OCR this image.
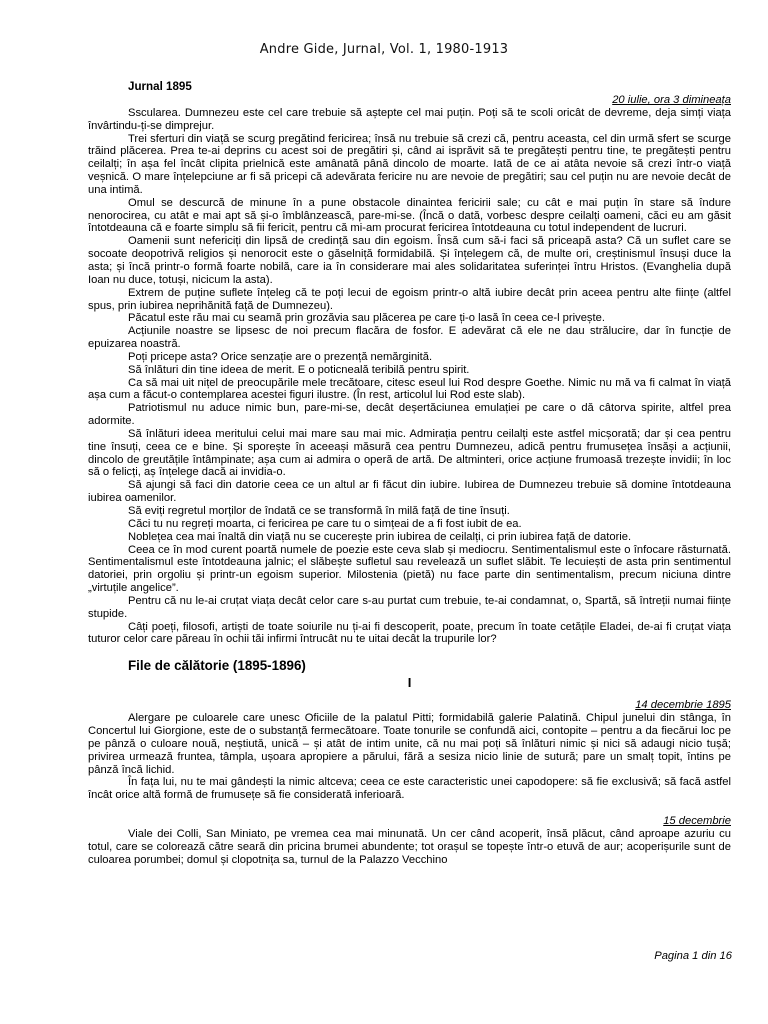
Andre Gide, Jurnal, Vol. 1, 1980-1913
Jurnal 1895
20 iulie, ora 3 dimineața

Sscularea. Dumnezeu este cel care trebuie să aștepte cel mai puțin. Poți să te scoli oricât de devreme, deja simți viața învârtindu-ți-se dimprejur.

Trei sferturi din viață se scurg pregătind fericirea; însă nu trebuie să crezi că, pentru aceasta, cel din urmă sfert se scurge trăind plăcerea. Prea te-ai deprins cu acest soi de pregătiri și, când ai isprăvit să te pregătești pentru tine, te pregătești pentru ceilalți; în așa fel încât clipita prielnică este amânată până dincolo de moarte. Iată de ce ai atâta nevoie să crezi într-o viață veșnică. O mare înțelepciune ar fi să pricepi că adevărata fericire nu are nevoie de pregătiri; sau cel puțin nu are nevoie decât de una intimă.

Omul se descurcă de minune în a pune obstacole dinaintea fericirii sale; cu cât e mai puțin în stare să îndure nenorocirea, cu atât e mai apt să și-o îmblânzească, pare-mi-se. (Încă o dată, vorbesc despre ceilalți oameni, căci eu am găsit întotdeauna că e foarte simplu să fii fericit, pentru că mi-am procurat fericirea întotdeauna cu totul independent de lucruri.

Oamenii sunt nefericiți din lipsă de credință sau din egoism. Însă cum să-i faci să priceapă asta? Că un suflet care se socoate deopotrivă religios și nenorocit este o găselniță formidabilă. Și înțelegem că, de multe ori, creștinismul însuși duce la asta; și încă printr-o formă foarte nobilă, care ia în considerare mai ales solidaritatea suferinței întru Hristos. (Evanghelia după Ioan nu duce, totuși, nicicum la asta).

Extrem de puține suflete înțeleg că te poți lecui de egoism printr-o altă iubire decât prin aceea pentru alte ființe (altfel spus, prin iubirea neprihănită față de Dumnezeu).

Păcatul este rău mai cu seamă prin grozăvia sau plăcerea pe care ți-o lasă în ceea ce-l privește.

Acțiunile noastre se lipsesc de noi precum flacăra de fosfor. E adevărat că ele ne dau strălucire, dar în funcție de epuizarea noastră.

Poți pricepe asta? Orice senzație are o prezență nemărginită.

Să înlături din tine ideea de merit. E o poticneală teribilă pentru spirit.

Ca să mai uit nițel de preocupările mele trecătoare, citesc eseul lui Rod despre Goethe. Nimic nu mă va fi calmat în viață așa cum a făcut-o contemplarea acestei figuri ilustre. (În rest, articolul lui Rod este slab).

Patriotismul nu aduce nimic bun, pare-mi-se, decât deșertăciunea emulației pe care o dă câtorva spirite, altfel prea adormite.

Să înlături ideea meritului celui mai mare sau mai mic. Admirația pentru ceilalți este astfel micșorată; dar și cea pentru tine însuți, ceea ce e bine. Și sporește în aceeași măsură cea pentru Dumnezeu, adică pentru frumusețea însăși a acțiunii, dincolo de greutățile întâmpinate; așa cum ai admira o operă de artă. De altminteri, orice acțiune frumoasă trezește invidii; în loc să o felicți, aș înțelege dacă ai invidia-o.

Să ajungi să faci din datorie ceea ce un altul ar fi făcut din iubire. Iubirea de Dumnezeu trebuie să domine întotdeauna iubirea oamenilor.

Să eviți regretul morților de îndată ce se transformă în milă față de tine însuți.

Căci tu nu regreți moarta, ci fericirea pe care tu o simțeai de a fi fost iubit de ea.

Noblețea cea mai înaltă din viață nu se cucerește prin iubirea de ceilalți, ci prin iubirea față de datorie.

Ceea ce în mod curent poartă numele de poezie este ceva slab și mediocru. Sentimentalismul este o înfocare răsturnată. Sentimentalismul este întotdeauna jalnic; el slăbește sufletul sau revelează un suflet slăbit. Te lecuiești de asta prin sentimentul datoriei, prin orgoliu și printr-un egoism superior. Milostenia (pietă) nu face parte din sentimentalism, precum niciuna dintre „virtuțile angelice”.

Pentru că nu le-ai cruțat viața decât celor care s-au purtat cum trebuie, te-ai condamnat, o, Spartă, să întreții numai ființe stupide.

Câți poeți, filosofi, artiști de toate soiurile nu ți-ai fi descoperit, poate, precum în toate cetățile Eladei, de-ai fi cruțat viața tuturor celor care păreau în ochii tăi infirmi întrucât nu te uitai decât la trupurile lor?

File de călătorie (1895-1896)
I
14 decembrie 1895

Alergare pe culoarele care unesc Oficiile de la palatul Pitti; formidabilă galerie Palatină. Chipul junelui din stânga, în Concertul lui Giorgione, este de o substanță fermecătoare. Toate tonurile se confundă aici, contopite – pentru a da fiecărui loc pe pe pânză o culoare nouă, neștiută, unică – și atât de intim unite, că nu mai poți să înlături nimic și nici să adaugi nicio tușă; privirea urmează fruntea, tâmpla, ușoara apropiere a părului, fără a sesiza nicio linie de sutură; pare un smalț topit, întins pe pânză încă lichid.

În fața lui, nu te mai gândești la nimic altceva; ceea ce este caracteristic unei capodopere: să fie exclusivă; să facă astfel încât orice altă formă de frumusețe să fie considerată inferioară.

15 decembrie

Viale dei Colli, San Miniato, pe vremea cea mai minunată. Un cer când acoperit, însă plăcut, când aproape azuriu cu totul, care se colorează către seară din pricina brumei abundente; tot orașul se topește într-o etuvă de aur; acoperișurile sunt de culoarea porumbei; domul și clopotnița sa, turnul de la Palazzo Vecchino

Pagina 1 din 16
